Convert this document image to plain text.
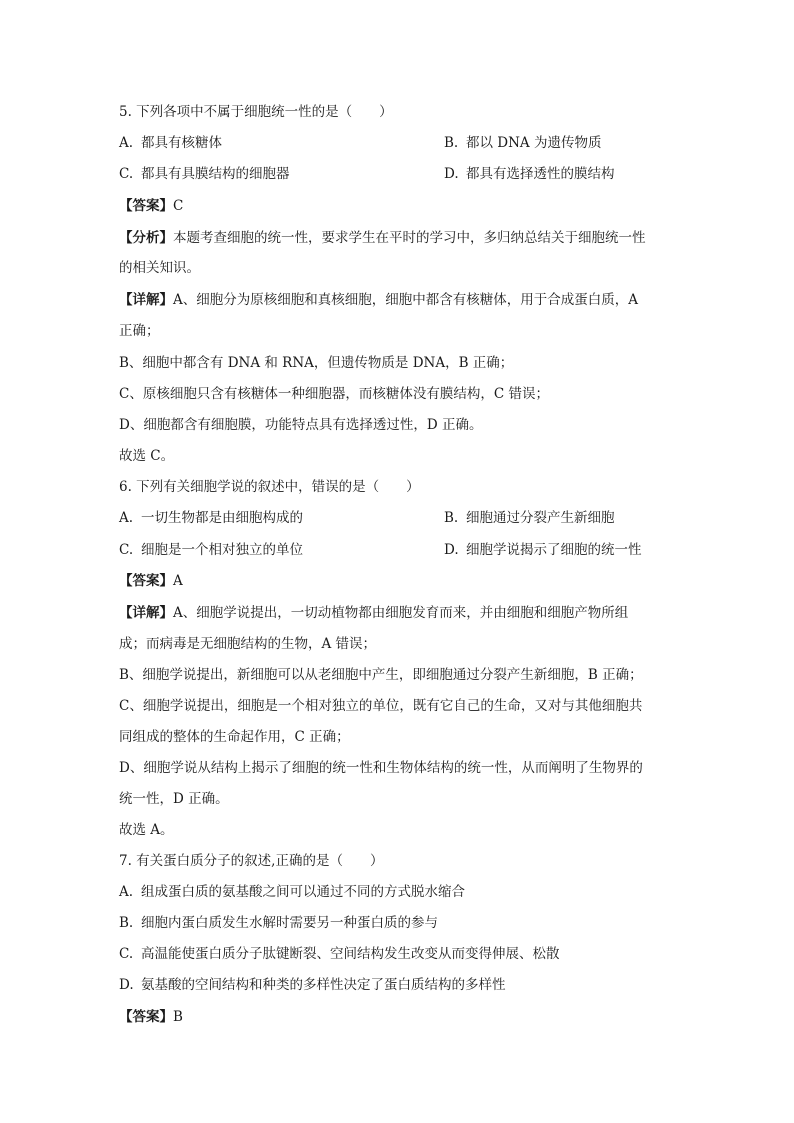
5. 下列各项中不属于细胞统一性的是（　　）
A. 都具有核糖体	B. 都以 DNA 为遗传物质
C. 都具有具膜结构的细胞器	D. 都具有选择透性的膜结构
【答案】C
【分析】本题考查细胞的统一性，要求学生在平时的学习中，多归纳总结关于细胞统一性
的相关知识。
【详解】A、细胞分为原核细胞和真核细胞，细胞中都含有核糖体，用于合成蛋白质，A
正确；
B、细胞中都含有 DNA 和 RNA，但遗传物质是 DNA，B 正确；
C、原核细胞只含有核糖体一种细胞器，而核糖体没有膜结构，C 错误；
D、细胞都含有细胞膜，功能特点具有选择透过性，D 正确。
故选 C。
6. 下列有关细胞学说的叙述中，错误的是（　　）
A. 一切生物都是由细胞构成的	B. 细胞通过分裂产生新细胞
C. 细胞是一个相对独立的单位	D. 细胞学说揭示了细胞的统一性
【答案】A
【详解】A、细胞学说提出，一切动植物都由细胞发育而来，并由细胞和细胞产物所组
成；而病毒是无细胞结构的生物，A 错误；
B、细胞学说提出，新细胞可以从老细胞中产生，即细胞通过分裂产生新细胞，B 正确；
C、细胞学说提出，细胞是一个相对独立的单位，既有它自己的生命，又对与其他细胞共
同组成的整体的生命起作用，C 正确；
D、细胞学说从结构上揭示了细胞的统一性和生物体结构的统一性，从而阐明了生物界的
统一性，D 正确。
故选 A。
7. 有关蛋白质分子的叙述,正确的是（　　）
A. 组成蛋白质的氨基酸之间可以通过不同的方式脱水缩合
B. 细胞内蛋白质发生水解时需要另一种蛋白质的参与
C. 高温能使蛋白质分子肽键断裂、空间结构发生改变从而变得伸展、松散
D. 氨基酸的空间结构和种类的多样性决定了蛋白质结构的多样性
【答案】B
